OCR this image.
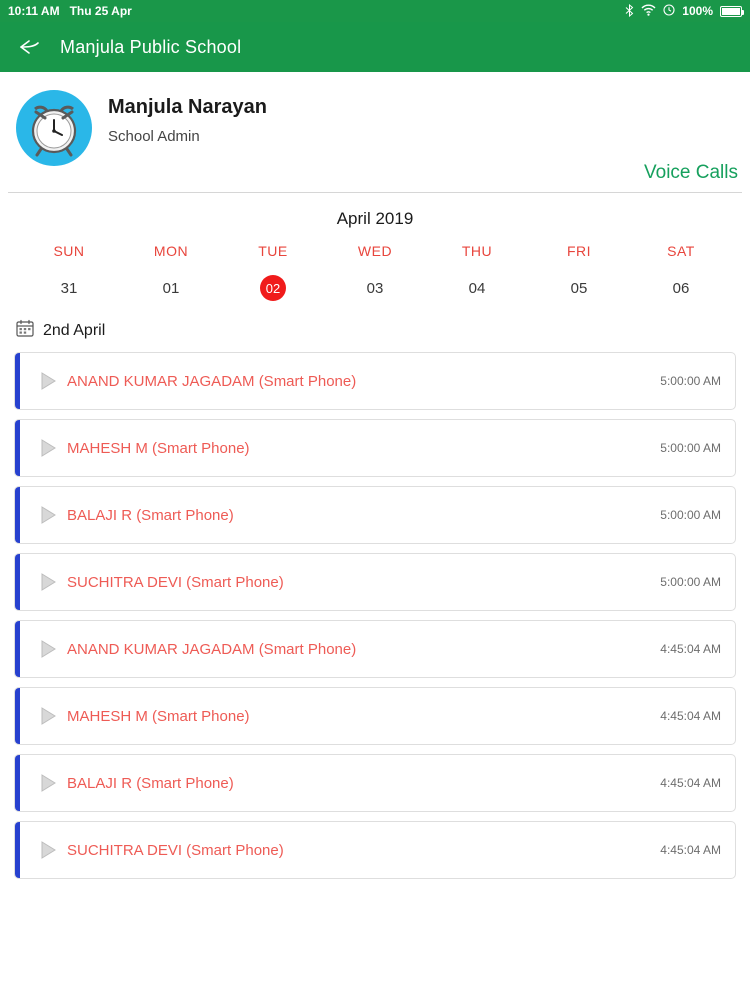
10:11 AM Thu 25 Apr	100%
Manjula Public School
Manjula Narayan
School Admin
Voice Calls
April 2019
SUN	MON	TUE	WED	THU	FRI	SAT
31	01	02	03	04	05	06
2nd April
ANAND KUMAR JAGADAM (Smart Phone)	5:00:00 AM
MAHESH M (Smart Phone)	5:00:00 AM
BALAJI R (Smart Phone)	5:00:00 AM
SUCHITRA DEVI (Smart Phone)	5:00:00 AM
ANAND KUMAR JAGADAM (Smart Phone)	4:45:04 AM
MAHESH M (Smart Phone)	4:45:04 AM
BALAJI R (Smart Phone)	4:45:04 AM
SUCHITRA DEVI (Smart Phone)	4:45:04 AM
